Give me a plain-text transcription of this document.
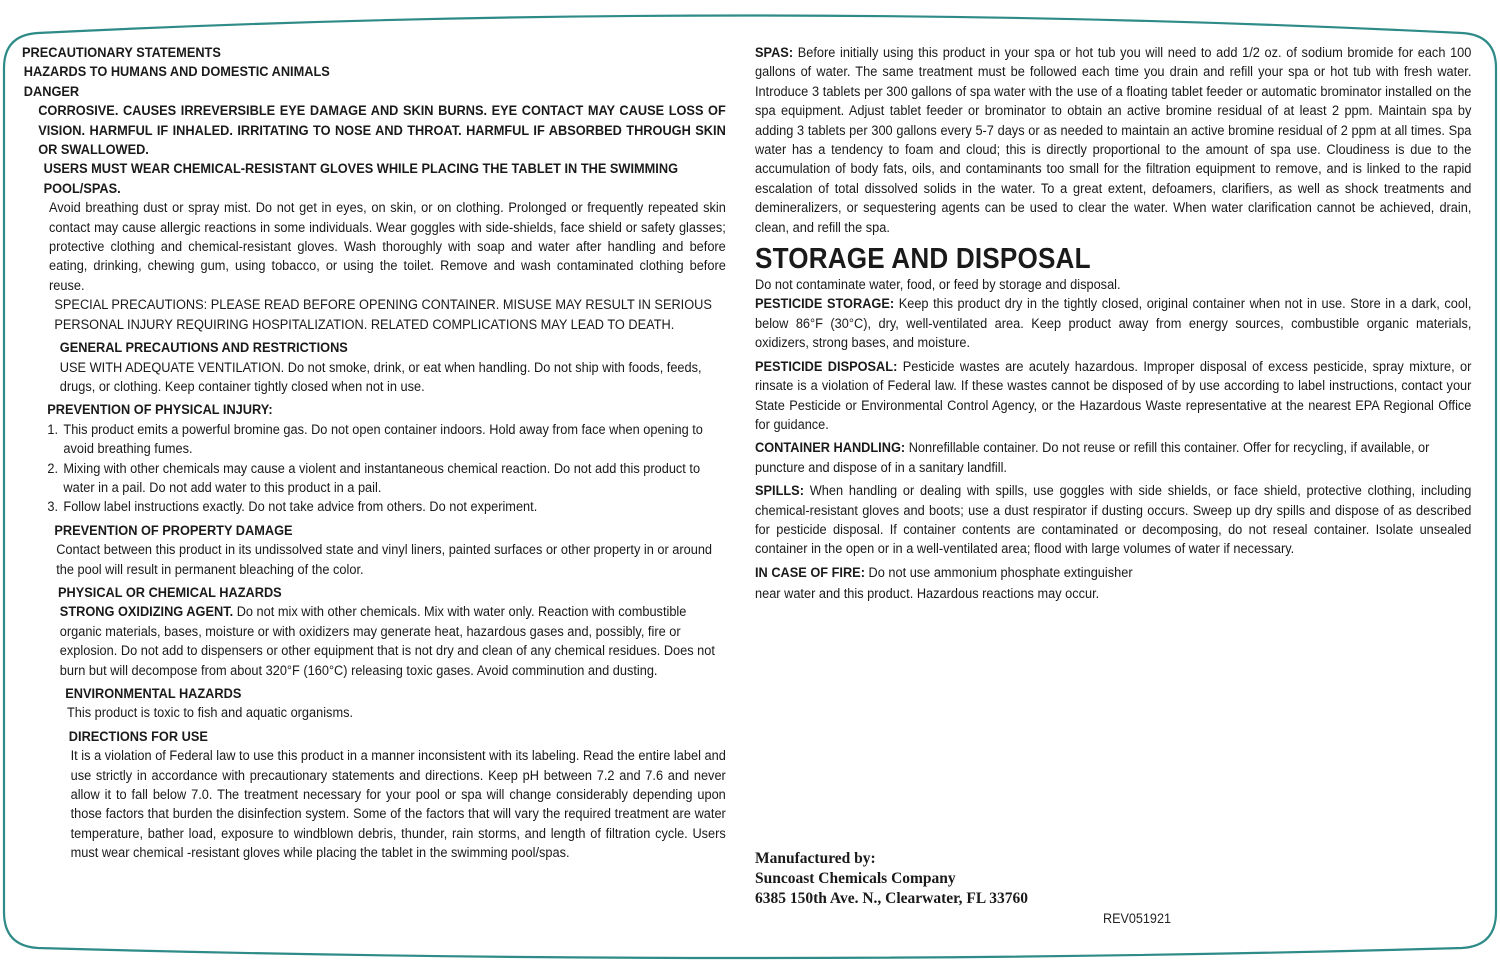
PRECAUTIONARY STATEMENTS

HAZARDS TO HUMANS AND DOMESTIC ANIMALS

DANGER

CORROSIVE. CAUSES IRREVERSIBLE EYE DAMAGE AND SKIN BURNS. EYE CONTACT MAY CAUSE LOSS OF VISION. HARMFUL IF INHALED. IRRITATING TO NOSE AND THROAT. HARMFUL IF ABSORBED THROUGH SKIN OR SWALLOWED.

USERS MUST WEAR CHEMICAL-RESISTANT GLOVES WHILE PLACING THE TABLET IN THE SWIMMING POOL/SPAS.

Avoid breathing dust or spray mist. Do not get in eyes, on skin, or on clothing. Prolonged or frequently repeated skin contact may cause allergic reactions in some individuals. Wear goggles with side-shields, face shield or safety glasses; protective clothing and chemical-resistant gloves. Wash thoroughly with soap and water after handling and before eating, drinking, chewing gum, using tobacco, or using the toilet. Remove and wash contaminated clothing before reuse.

SPECIAL PRECAUTIONS: PLEASE READ BEFORE OPENING CONTAINER. MISUSE MAY RESULT IN SERIOUS PERSONAL INJURY REQUIRING HOSPITALIZATION. RELATED COMPLICATIONS MAY LEAD TO DEATH.

GENERAL PRECAUTIONS AND RESTRICTIONS

USE WITH ADEQUATE VENTILATION. Do not smoke, drink, or eat when handling. Do not ship with foods, feeds, drugs, or clothing. Keep container tightly closed when not in use.

PREVENTION OF PHYSICAL INJURY:

1. This product emits a powerful bromine gas. Do not open container indoors. Hold away from face when opening to avoid breathing fumes.
2. Mixing with other chemicals may cause a violent and instantaneous chemical reaction. Do not add this product to water in a pail. Do not add water to this product in a pail.
3. Follow label instructions exactly. Do not take advice from others. Do not experiment.

PREVENTION OF PROPERTY DAMAGE

Contact between this product in its undissolved state and vinyl liners, painted surfaces or other property in or around the pool will result in permanent bleaching of the color.

PHYSICAL OR CHEMICAL HAZARDS

STRONG OXIDIZING AGENT. Do not mix with other chemicals. Mix with water only. Reaction with combustible organic materials, bases, moisture or with oxidizers may generate heat, hazardous gases and, possibly, fire or explosion. Do not add to dispensers or other equipment that is not dry and clean of any chemical residues. Does not burn but will decompose from about 320°F (160°C) releasing toxic gases. Avoid comminution and dusting.

ENVIRONMENTAL HAZARDS

This product is toxic to fish and aquatic organisms.

DIRECTIONS FOR USE

It is a violation of Federal law to use this product in a manner inconsistent with its labeling. Read the entire label and use strictly in accordance with precautionary statements and directions. Keep pH between 7.2 and 7.6 and never allow it to fall below 7.0. The treatment necessary for your pool or spa will change considerably depending upon those factors that burden the disinfection system. Some of the factors that will vary the required treatment are water temperature, bather load, exposure to windblown debris, thunder, rain storms, and length of filtration cycle. Users must wear chemical -resistant gloves while placing the tablet in the swimming pool/spas.

SPAS: Before initially using this product in your spa or hot tub you will need to add 1/2 oz. of sodium bromide for each 100 gallons of water. The same treatment must be followed each time you drain and refill your spa or hot tub with fresh water. Introduce 3 tablets per 300 gallons of spa water with the use of a floating tablet feeder or automatic brominator installed on the spa equipment. Adjust tablet feeder or brominator to obtain an active bromine residual of at least 2 ppm. Maintain spa by adding 3 tablets per 300 gallons every 5-7 days or as needed to maintain an active bromine residual of 2 ppm at all times. Spa water has a tendency to foam and cloud; this is directly proportional to the amount of spa use. Cloudiness is due to the accumulation of body fats, oils, and contaminants too small for the filtration equipment to remove, and is linked to the rapid escalation of total dissolved solids in the water. To a great extent, defoamers, clarifiers, as well as shock treatments and demineralizers, or sequestering agents can be used to clear the water. When water clarification cannot be achieved, drain, clean, and refill the spa.

STORAGE AND DISPOSAL

Do not contaminate water, food, or feed by storage and disposal.

PESTICIDE STORAGE: Keep this product dry in the tightly closed, original container when not in use. Store in a dark, cool, below 86°F (30°C), dry, well-ventilated area. Keep product away from energy sources, combustible organic materials, oxidizers, strong bases, and moisture.

PESTICIDE DISPOSAL: Pesticide wastes are acutely hazardous. Improper disposal of excess pesticide, spray mixture, or rinsate is a violation of Federal law. If these wastes cannot be disposed of by use according to label instructions, contact your State Pesticide or Environmental Control Agency, or the Hazardous Waste representative at the nearest EPA Regional Office for guidance.

CONTAINER HANDLING: Nonrefillable container. Do not reuse or refill this container. Offer for recycling, if available, or puncture and dispose of in a sanitary landfill.

SPILLS: When handling or dealing with spills, use goggles with side shields, or face shield, protective clothing, including chemical-resistant gloves and boots; use a dust respirator if dusting occurs. Sweep up dry spills and dispose of as described for pesticide disposal. If container contents are contaminated or decomposing, do not reseal container. Isolate unsealed container in the open or in a well-ventilated area; flood with large volumes of water if necessary.

IN CASE OF FIRE: Do not use ammonium phosphate extinguisher

near water and this product. Hazardous reactions may occur.

Manufactured by:
Suncoast Chemicals Company
6385 150th Ave. N., Clearwater, FL 33760
REV051921
